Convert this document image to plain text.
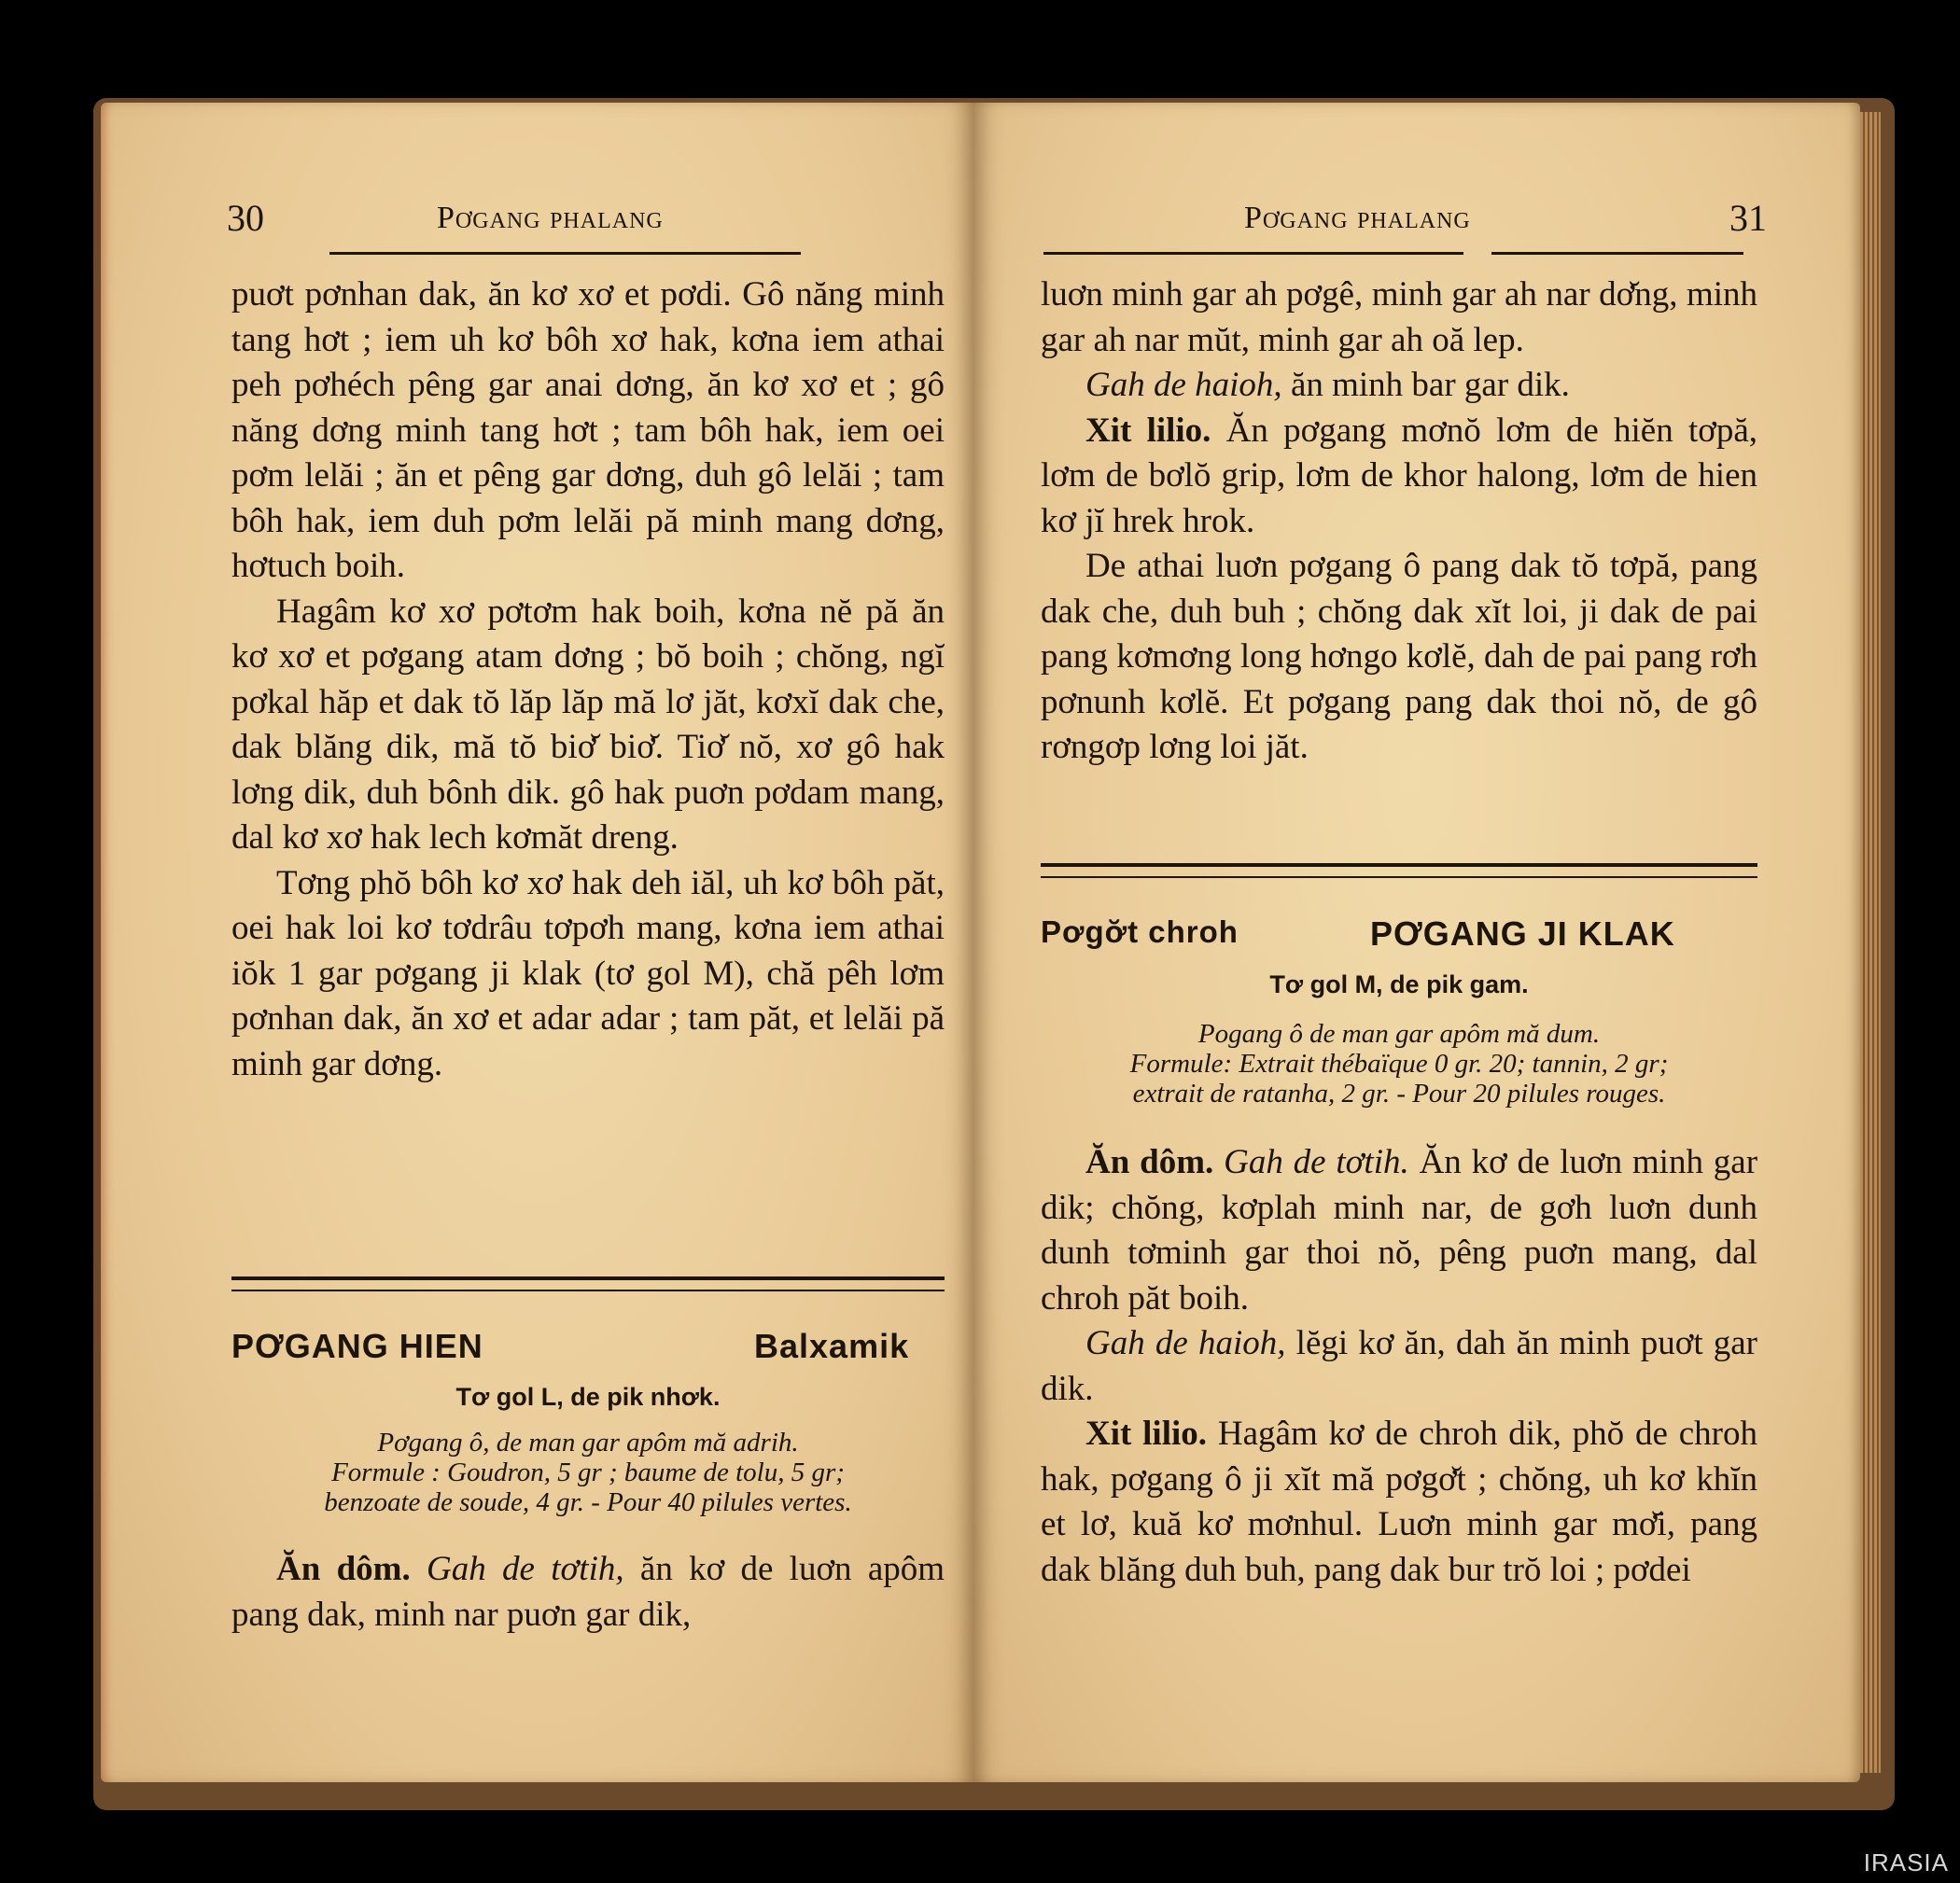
30	Pơgang phalang

puơt pơnhan dak, ăn kơ xơ et pơdi. Gô năng minh tang hơt ; iem uh kơ bôh xơ hak, kơna iem athai peh pơhéch pêng gar anai dơng, ăn kơ xơ et ; gô năng dơng minh tang hơt ; tam bôh hak, iem oei pơm lelăi ; ăn et pêng gar dơng, duh gô lelăi ; tam bôh hak, iem duh pơm lelăi pă minh mang dơng, hơtuch boih.

Hagâm kơ xơ pơtơm hak boih, kơna nĕ pă ăn kơ xơ et pơgang atam dơng ; bŏ boih ; chŏng, ngĭ pơkal hăp et dak tŏ lăp lăp mă lơ jăt, kơxĭ dak che, dak blăng dik, mă tŏ biơ̆ biơ̆. Tiơ̆ nŏ, xơ gô hak lơng dik, duh bônh dik. gô hak puơn pơdam mang, dal kơ xơ hak lech kơmăt dreng.

Tơng phŏ bôh kơ xơ hak deh iăl, uh kơ bôh păt, oei hak loi kơ tơdrâu tơpơh mang, kơna iem athai iŏk 1 gar pơgang ji klak (tơ gol M), chă pêh lơm pơnhan dak, ăn xơ et adar adar ; tam păt, et lelăi pă minh gar dơng.

PƠGANG HIEN	Balxamik
Tơ gol L, de pik nhơk.
Pơgang ô, de man gar apôm mă adrih.
Formule : Goudron, 5 gr ; baume de tolu, 5 gr;
benzoate de soude, 4 gr. - Pour 40 pilules vertes.

Ăn dôm. Gah de tơtih, ăn kơ de luơn apôm pang dak, minh nar puơn gar dik,

Pơgang phalang	31

luơn minh gar ah pơgê, minh gar ah nar dơ̆ng, minh gar ah nar mŭt, minh gar ah oă lep.

Gah de haioh, ăn minh bar gar dik.

Xit lilio. Ăn pơgang mơnŏ lơm de hiĕn tơpă, lơm de bơlŏ grip, lơm de khor halong, lơm de hien kơ jĭ hrek hrok.

De athai luơn pơgang ô pang dak tŏ tơpă, pang dak che, duh buh ; chŏng dak xĭt loi, ji dak de pai pang kơmơng long hơngo kơlĕ, dah de pai pang rơh pơnunh kơlĕ. Et pơgang pang dak thoi nŏ, de gô rơngơp lơng loi jăt.

Pơgơ̆t chroh	PƠGANG JI KLAK
Tơ gol M, de pik gam.
Pogang ô de man gar apôm mă dum.
Formule: Extrait thébaïque 0 gr. 20; tannin, 2 gr;
extrait de ratanha, 2 gr. - Pour 20 pilules rouges.

Ăn dôm. Gah de tơtih. Ăn kơ de luơn minh gar dik; chŏng, kơplah minh nar, de gơh luơn dunh dunh tơminh gar thoi nŏ, pêng puơn mang, dal chroh păt boih.

Gah de haioh, lĕgi kơ ăn, dah ăn minh puơt gar dik.

Xit lilio. Hagâm kơ de chroh dik, phŏ de chroh hak, pơgang ô ji xĭt mă pơgơ̆t ; chŏng, uh kơ khĭn et lơ, kuă kơ mơnhul. Luơn minh gar mơ̆i, pang dak blăng duh buh, pang dak bur trŏ loi ; pơdei

IRASIA
